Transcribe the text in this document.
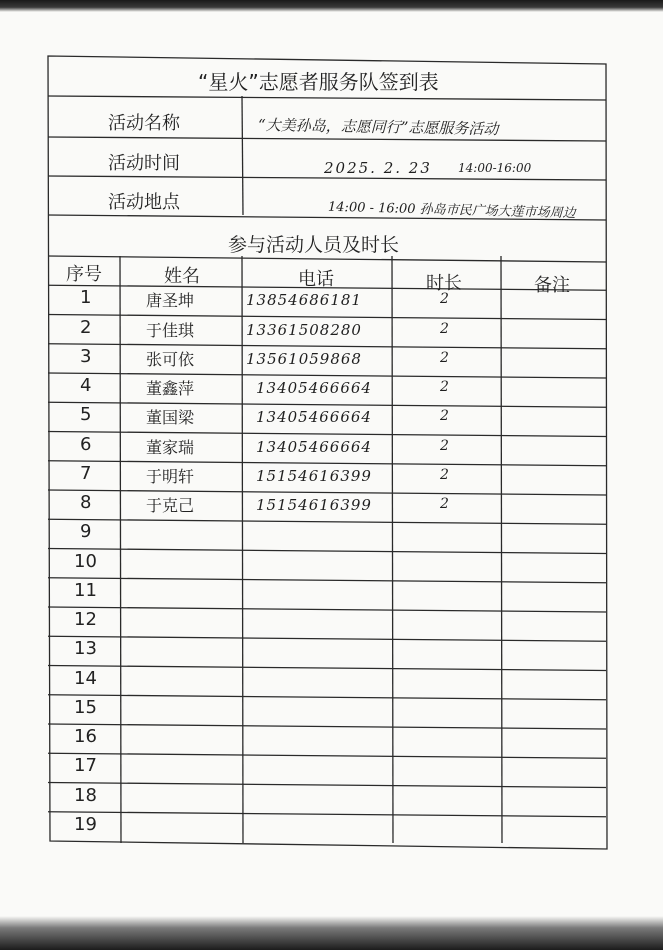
“星火”志愿者服务队签到表
活动名称	“大美孙岛，志愿同行”志愿服务活动
活动时间	2025. 2. 23 14:00-16:00
活动地点	14:00 - 16:00 孙岛市民广场大莲市场周边
参与活动人员及时长
序号	姓名	电话	时长	备注
1	唐圣坤	13854686181	2
2	于佳琪	13361508280	2
3	张可依	13561059868	2
4	董鑫萍	13405466664	2
5	董国梁	13405466664	2
6	董家瑞	13405466664	2
7	于明轩	15154616399	2
8	于克己	15154616399	2
9
10
11
12
13
14
15
16
17
18
19
